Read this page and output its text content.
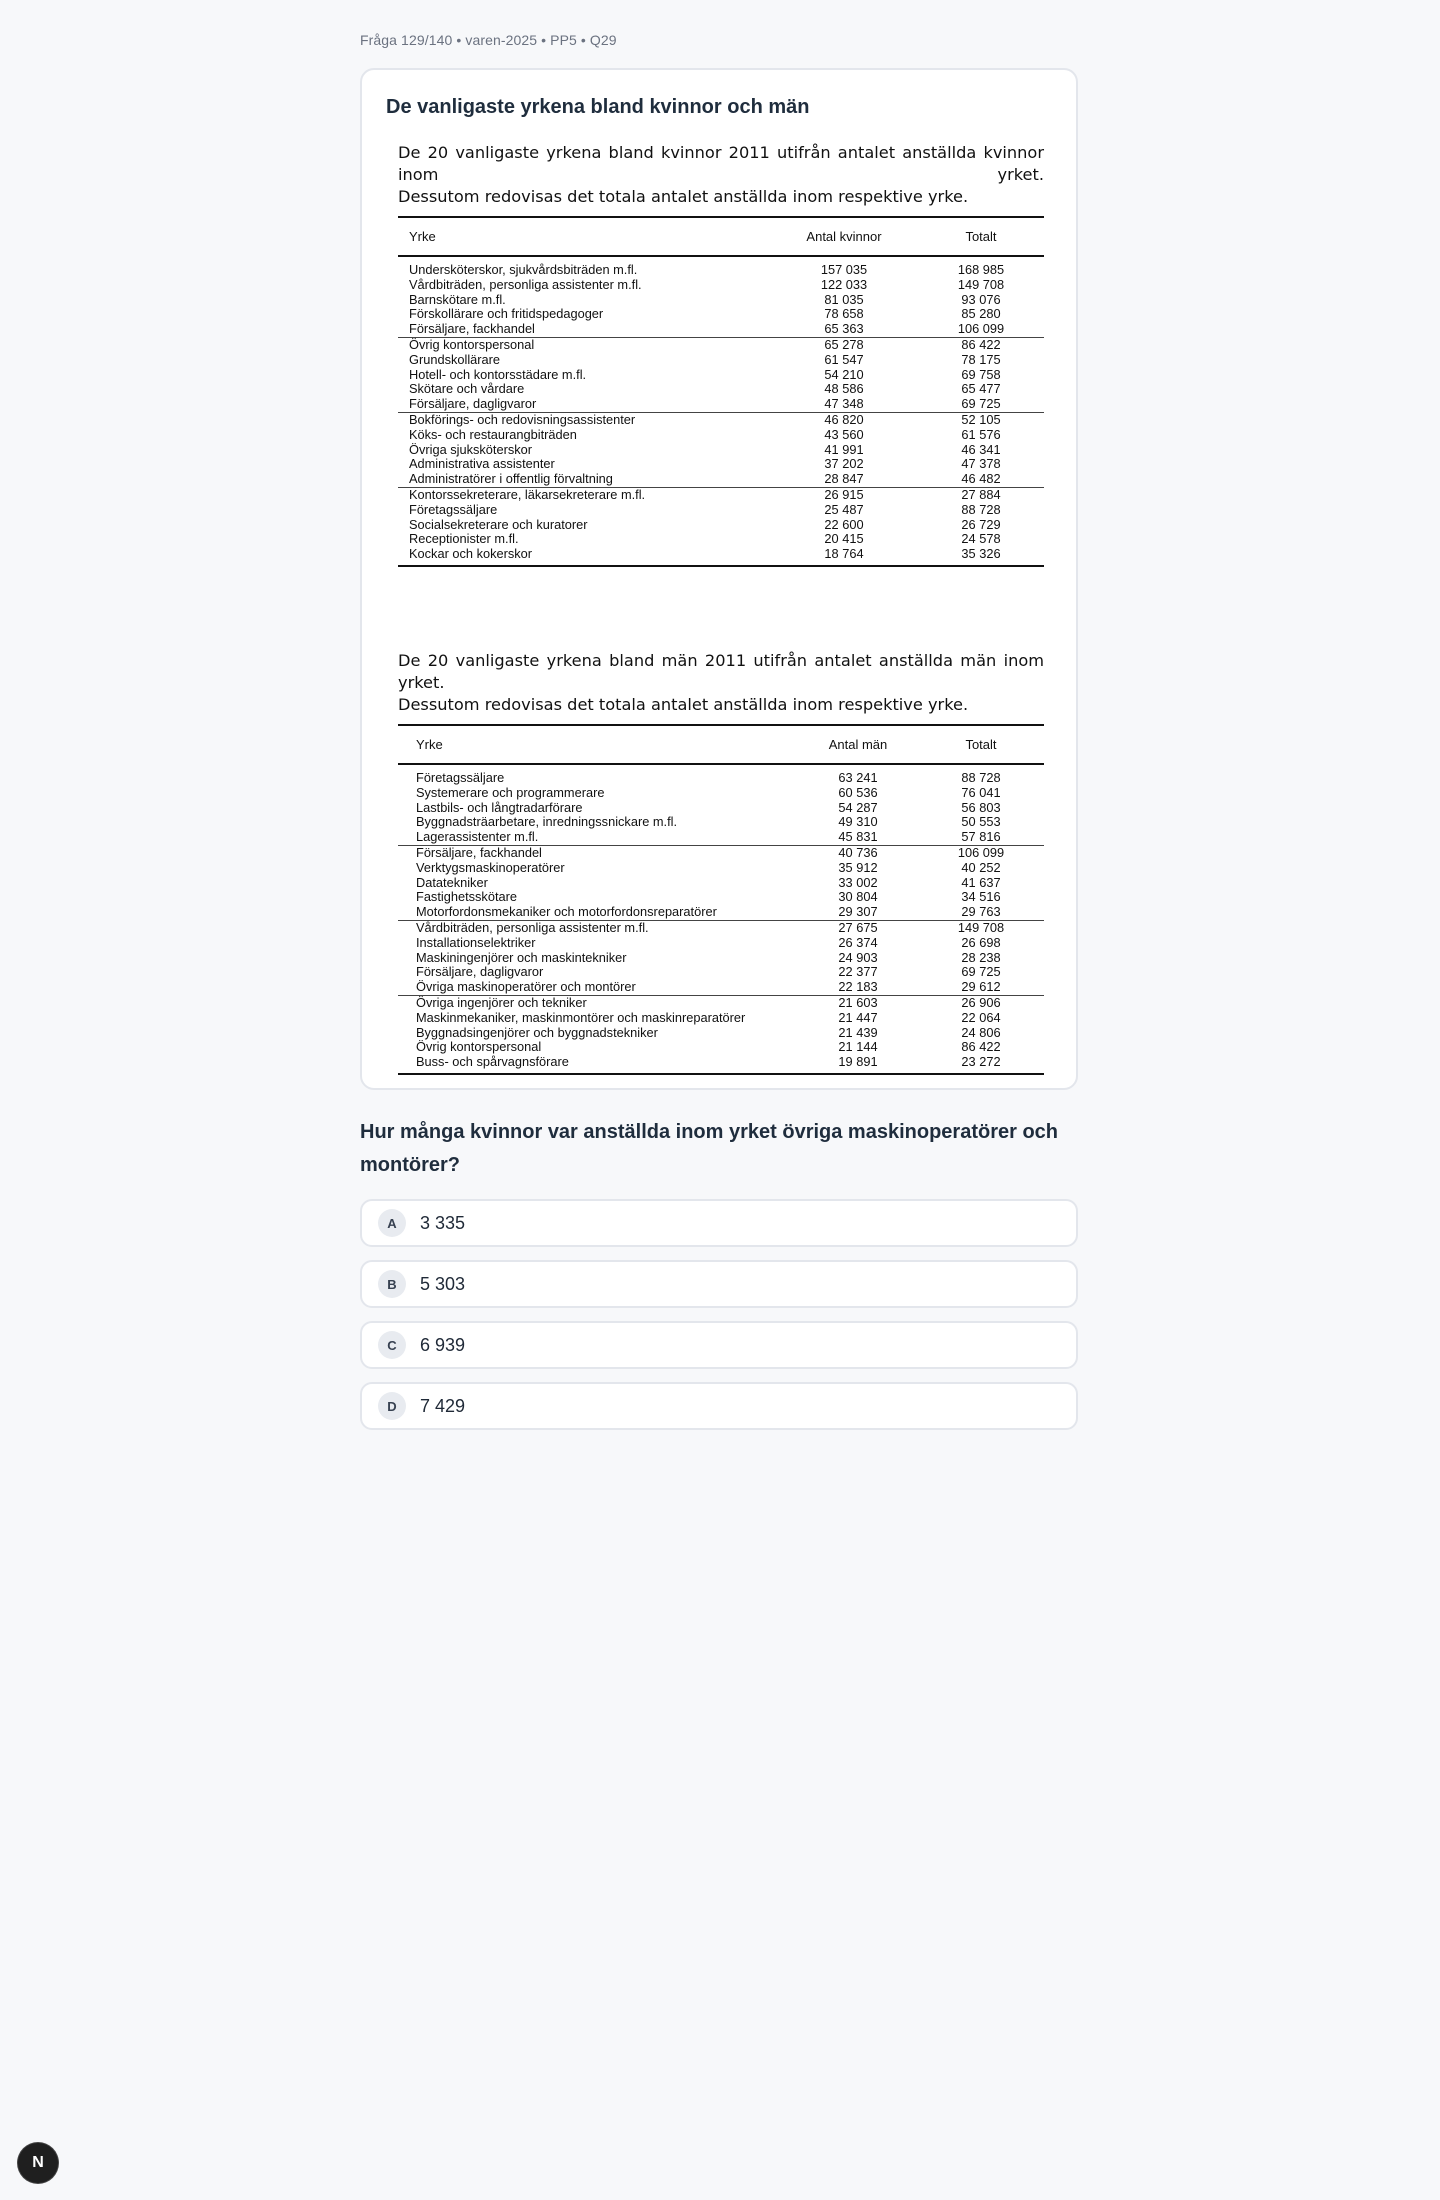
Fråga 129/140 • varen-2025 • PP5 • Q29
De vanligaste yrkena bland kvinnor och män

De 20 vanligaste yrkena bland kvinnor 2011 utifrån antalet anställda kvinnor inom yrket.

Dessutom redovisas det totala antalet anställda inom respektive yrke.

Yrke	Antal kvinnor	Totalt
Undersköterskor, sjukvårdsbiträden m.fl.	157 035	168 985
Vårdbiträden, personliga assistenter m.fl.	122 033	149 708
Barnskötare m.fl.	81 035	93 076
Förskollärare och fritidspedagoger	78 658	85 280
Försäljare, fackhandel	65 363	106 099
Övrig kontorspersonal	65 278	86 422
Grundskollärare	61 547	78 175
Hotell- och kontorsstädare m.fl.	54 210	69 758
Skötare och vårdare	48 586	65 477
Försäljare, dagligvaror	47 348	69 725
Bokförings- och redovisningsassistenter	46 820	52 105
Köks- och restaurangbiträden	43 560	61 576
Övriga sjuksköterskor	41 991	46 341
Administrativa assistenter	37 202	47 378
Administratörer i offentlig förvaltning	28 847	46 482
Kontorssekreterare, läkarsekreterare m.fl.	26 915	27 884
Företagssäljare	25 487	88 728
Socialsekreterare och kuratorer	22 600	26 729
Receptionister m.fl.	20 415	24 578
Kockar och kokerskor	18 764	35 326

De 20 vanligaste yrkena bland män 2011 utifrån antalet anställda män inom yrket.

Dessutom redovisas det totala antalet anställda inom respektive yrke.

Yrke	Antal män	Totalt
Företagssäljare	63 241	88 728
Systemerare och programmerare	60 536	76 041
Lastbils- och långtradarförare	54 287	56 803
Byggnadsträarbetare, inredningssnickare m.fl.	49 310	50 553
Lagerassistenter m.fl.	45 831	57 816
Försäljare, fackhandel	40 736	106 099
Verktygsmaskinoperatörer	35 912	40 252
Datatekniker	33 002	41 637
Fastighetsskötare	30 804	34 516
Motorfordonsmekaniker och motorfordonsreparatörer	29 307	29 763
Vårdbiträden, personliga assistenter m.fl.	27 675	149 708
Installationselektriker	26 374	26 698
Maskiningenjörer och maskintekniker	24 903	28 238
Försäljare, dagligvaror	22 377	69 725
Övriga maskinoperatörer och montörer	22 183	29 612
Övriga ingenjörer och tekniker	21 603	26 906
Maskinmekaniker, maskinmontörer och maskinreparatörer	21 447	22 064
Byggnadsingenjörer och byggnadstekniker	21 439	24 806
Övrig kontorspersonal	21 144	86 422
Buss- och spårvagnsförare	19 891	23 272
Hur många kvinnor var anställda inom yrket övriga maskinoperatörer och montörer?
A	3 335
B	5 303
C	6 939
D	7 429
N
